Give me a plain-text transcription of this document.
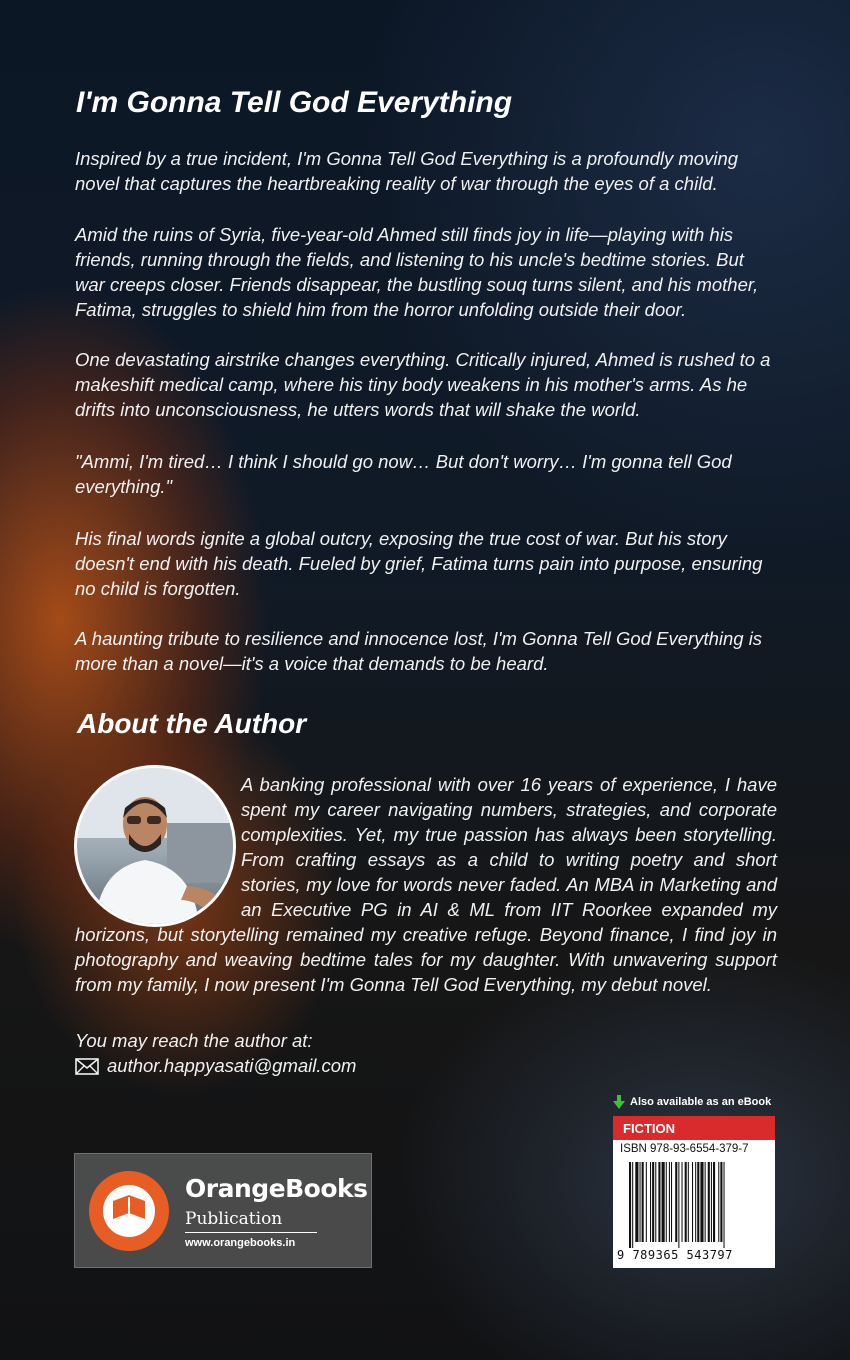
I'm Gonna Tell God Everything

Inspired by a true incident, I'm Gonna Tell God Everything is a profoundly moving novel that captures the heartbreaking reality of war through the eyes of a child.

Amid the ruins of Syria, five-year-old Ahmed still finds joy in life—playing with his friends, running through the fields, and listening to his uncle's bedtime stories. But war creeps closer. Friends disappear, the bustling souq turns silent, and his mother, Fatima, struggles to shield him from the horror unfolding outside their door.

One devastating airstrike changes everything. Critically injured, Ahmed is rushed to a makeshift medical camp, where his tiny body weakens in his mother's arms. As he drifts into unconsciousness, he utters words that will shake the world.

"Ammi, I'm tired… I think I should go now… But don't worry… I'm gonna tell God everything."

His final words ignite a global outcry, exposing the true cost of war. But his story doesn't end with his death. Fueled by grief, Fatima turns pain into purpose, ensuring no child is forgotten.

A haunting tribute to resilience and innocence lost, I'm Gonna Tell God Everything is more than a novel—it's a voice that demands to be heard.

About the Author

A banking professional with over 16 years of experience, I have spent my career navigating numbers, strategies, and corporate complexities. Yet, my true passion has always been storytelling. From crafting essays as a child to writing poetry and short stories, my love for words never faded. An MBA in Marketing and an Executive PG in AI & ML from IIT Roorkee expanded my horizons, but storytelling remained my creative refuge. Beyond finance, I find joy in photography and weaving bedtime tales for my daughter. With unwavering support from my family, I now present I'm Gonna Tell God Everything, my debut novel.

You may reach the author at:

author.happyasati@gmail.com
OrangeBooks
Publication
www.orangebooks.in
Also available as an eBook
FICTION
ISBN 978-93-6554-379-7
9 789365 543797
